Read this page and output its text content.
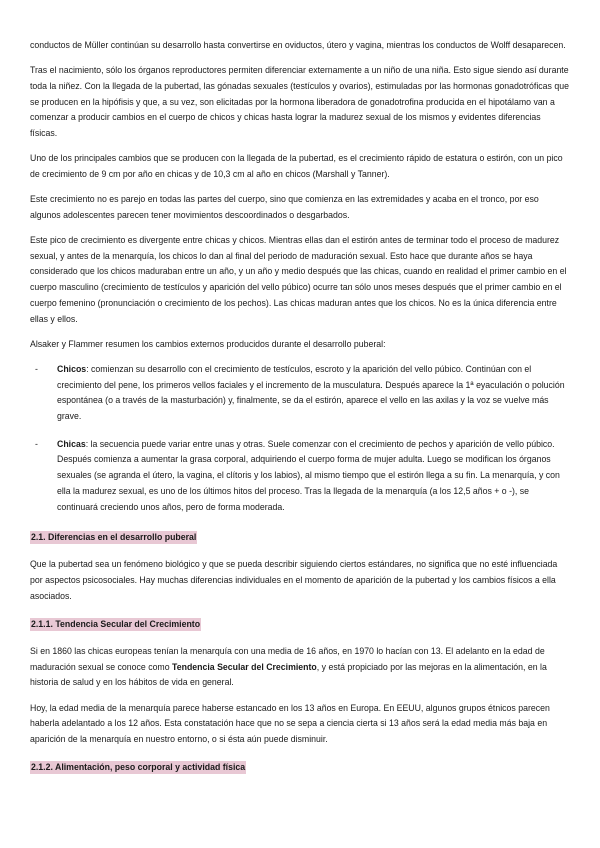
conductos de Müller continúan su desarrollo hasta convertirse en oviductos, útero y vagina, mientras los conductos de Wolff desaparecen.

Tras el nacimiento, sólo los órganos reproductores permiten diferenciar externamente a un niño de una niña. Esto sigue siendo así durante toda la niñez. Con la llegada de la pubertad, las gónadas sexuales (testículos y ovarios), estimuladas por las hormonas gonadotróficas que se producen en la hipófisis y que, a su vez, son elicitadas por la hormona liberadora de gonadotrofina producida en el hipotálamo van a comenzar a producir cambios en el cuerpo de chicos y chicas hasta lograr la madurez sexual de los mismos y evidentes diferencias físicas.

Uno de los principales cambios que se producen con la llegada de la pubertad, es el crecimiento rápido de estatura o estirón, con un pico de crecimiento de 9 cm por año en chicas y de 10,3 cm al año en chicos (Marshall y Tanner).

Este crecimiento no es parejo en todas las partes del cuerpo, sino que comienza en las extremidades y acaba en el tronco, por eso algunos adolescentes parecen tener movimientos descoordinados o desgarbados.

Este pico de crecimiento es divergente entre chicas y chicos. Mientras ellas dan el estirón antes de terminar todo el proceso de madurez sexual, y antes de la menarquía, los chicos lo dan al final del periodo de maduración sexual. Esto hace que durante años se haya considerado que los chicos maduraban entre un año, y un año y medio después que las chicas, cuando en realidad el primer cambio en el cuerpo masculino (crecimiento de testículos y aparición del vello púbico) ocurre tan sólo unos meses después que el primer cambio en el cuerpo femenino (pronunciación o crecimiento de los pechos). Las chicas maduran antes que los chicos. No es la única diferencia entre ellas y ellos.

Alsaker y Flammer resumen los cambios externos producidos durante el desarrollo puberal:

- Chicos: comienzan su desarrollo con el crecimiento de testículos, escroto y la aparición del vello púbico. Continúan con el crecimiento del pene, los primeros vellos faciales y el incremento de la musculatura. Después aparece la 1ª eyaculación o polución espontánea (o a través de la masturbación) y, finalmente, se da el estirón, aparece el vello en las axilas y la voz se vuelve más grave.
- Chicas: la secuencia puede variar entre unas y otras. Suele comenzar con el crecimiento de pechos y aparición de vello púbico. Después comienza a aumentar la grasa corporal, adquiriendo el cuerpo forma de mujer adulta. Luego se modifican los órganos sexuales (se agranda el útero, la vagina, el clítoris y los labios), al mismo tiempo que el estirón llega a su fin. La menarquía, y con ella la madurez sexual, es uno de los últimos hitos del proceso. Tras la llegada de la menarquía (a los 12,5 años + o -), se continuará creciendo unos años, pero de forma moderada.
2.1. Diferencias en el desarrollo puberal

Que la pubertad sea un fenómeno biológico y que se pueda describir siguiendo ciertos estándares, no significa que no esté influenciada por aspectos psicosociales. Hay muchas diferencias individuales en el momento de aparición de la pubertad y los cambios físicos a ella asociados.

2.1.1. Tendencia Secular del Crecimiento

Si en 1860 las chicas europeas tenían la menarquía con una media de 16 años, en 1970 lo hacían con 13. El adelanto en la edad de maduración sexual se conoce como Tendencia Secular del Crecimiento, y está propiciado por las mejoras en la alimentación, en la historia de salud y en los hábitos de vida en general.

Hoy, la edad media de la menarquía parece haberse estancado en los 13 años en Europa. En EEUU, algunos grupos étnicos parecen haberla adelantado a los 12 años. Esta constatación hace que no se sepa a ciencia cierta si 13 años será la edad media más baja en aparición de la menarquía en nuestro entorno, o si ésta aún puede disminuir.

2.1.2. Alimentación, peso corporal y actividad física
